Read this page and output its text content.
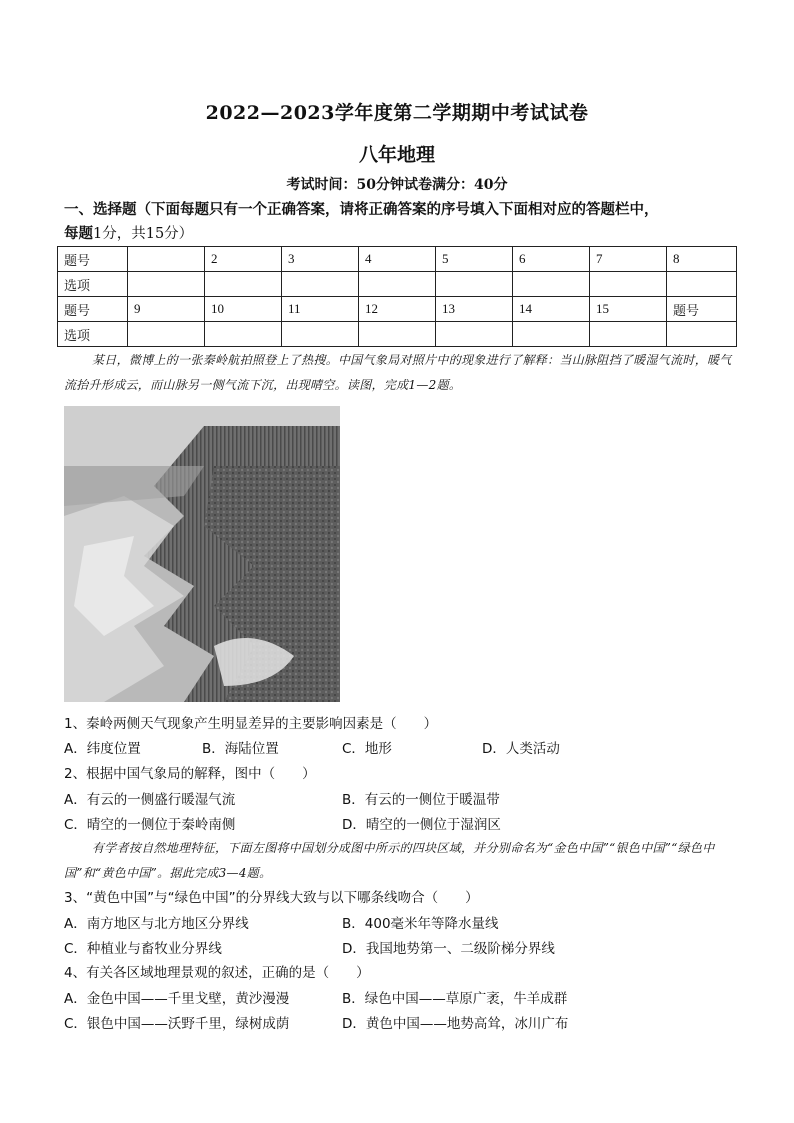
2022—2023学年度第二学期期中考试试卷
八年地理
考试时间：50分钟试卷满分：40分
一、选择题（下面每题只有一个正确答案，请将正确答案的序号填入下面相对应的答题栏中，
每题1分，共15分）
题号		2	3	4	5	6	7	8
选项								
题号	9	10	11	12	13	14	15	题号
选项								
某日，微博上的一张秦岭航拍照登上了热搜。中国气象局对照片中的现象进行了解释：当山脉阻挡了暖湿气流时，暖气流抬升形成云，而山脉另一侧气流下沉，出现晴空。读图，完成1—2题。
1、秦岭两侧天气现象产生明显差异的主要影响因素是（　　）
A．纬度位置	B．海陆位置	C．地形	D．人类活动
2、根据中国气象局的解释，图中（　　）
A．有云的一侧盛行暖湿气流	B．有云的一侧位于暖温带
C．晴空的一侧位于秦岭南侧	D．晴空的一侧位于湿润区
有学者按自然地理特征，下面左图将中国划分成图中所示的四块区域，并分别命名为“金色中国”“银色中国”“绿色中国”和“黄色中国”。据此完成3—4题。
3、“黄色中国”与“绿色中国”的分界线大致与以下哪条线吻合（　　）
A．南方地区与北方地区分界线	B．400毫米年等降水量线
C．种植业与畜牧业分界线	D．我国地势第一、二级阶梯分界线
4、有关各区域地理景观的叙述，正确的是（　　）
A．金色中国——千里戈壁，黄沙漫漫	B．绿色中国——草原广袤，牛羊成群
C．银色中国——沃野千里，绿树成荫	D．黄色中国——地势高耸，冰川广布
